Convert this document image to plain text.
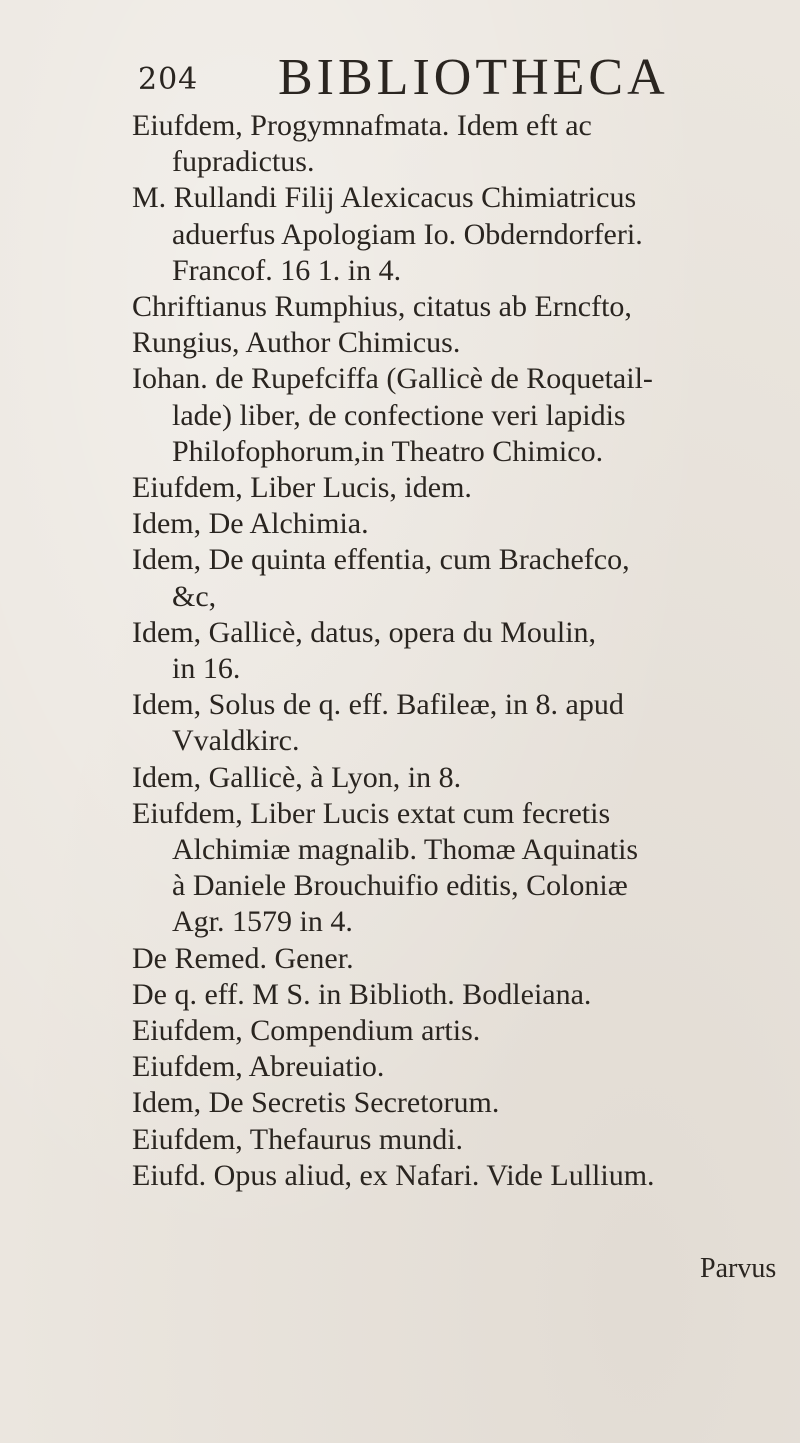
204 BIBLIOTHECA
Eiufdem, Progymnafmata. Idem eft ac
fupradictus.
M. Rullandi Filij Alexicacus Chimiatricus
aduerfus Apologiam Io. Obderndorferi.
Francof. 16 1. in 4.
Chriftianus Rumphius, citatus ab Erncfto,
Rungius, Author Chimicus.
Iohan. de Rupefciffa (Gallicè de Roquetail-
lade) liber, de confectione veri lapidis
Philofophorum,in Theatro Chimico.
Eiufdem, Liber Lucis, idem.
Idem, De Alchimia.
Idem, De quinta effentia, cum Brachefco,
&c,
Idem, Gallicè, datus, opera du Moulin,
in 16.
Idem, Solus de q. eff. Bafileæ, in 8. apud
Vvaldkirc.
Idem, Gallicè, à Lyon, in 8.
Eiufdem, Liber Lucis extat cum fecretis
Alchimiæ magnalib. Thomæ Aquinatis
à Daniele Brouchuifio editis, Coloniæ
Agr. 1579 in 4.
De Remed. Gener.
De q. eff. M S. in Biblioth. Bodleiana.
Eiufdem, Compendium artis.
Eiufdem, Abreuiatio.
Idem, De Secretis Secretorum.
Eiufdem, Thefaurus mundi.
Eiufd. Opus aliud, ex Nafari. Vide Lullium.
Parvus
